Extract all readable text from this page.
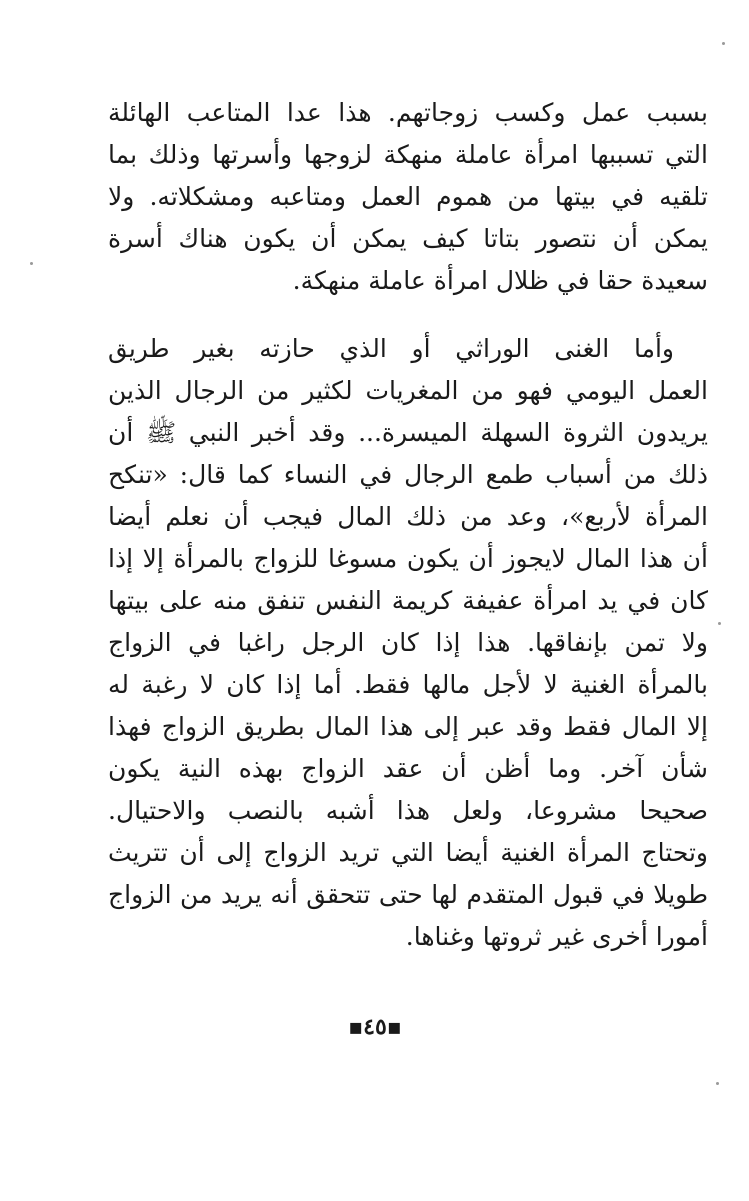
بسبب عمل وكسب زوجاتهم. هذا عدا المتاعب الهائلة
التي تسببها امرأة عاملة منهكة لزوجها وأسرتها وذلك بما
تلقيه في بيتها من هموم العمل ومتاعبه ومشكلاته. ولا
يمكن أن نتصور بتاتا كيف يمكن أن يكون هناك أسرة
سعيدة حقا في ظلال امرأة عاملة منهكة.
وأما الغنى الوراثي أو الذي حازته بغير طريق
العمل اليومي فهو من المغريات لكثير من الرجال الذين
يريدون الثروة السهلة الميسرة... وقد أخبر النبي ﷺ أن
ذلك من أسباب طمع الرجال في النساء كما قال: «تنكح
المرأة لأربع»، وعد من ذلك المال فيجب أن نعلم أيضا
أن هذا المال لايجوز أن يكون مسوغا للزواج بالمرأة إلا إذا
كان في يد امرأة عفيفة كريمة النفس تنفق منه على بيتها
ولا تمن بإنفاقها. هذا إذا كان الرجل راغبا في الزواج
بالمرأة الغنية لا لأجل مالها فقط. أما إذا كان لا رغبة له
إلا المال فقط وقد عبر إلى هذا المال بطريق الزواج فهذا
شأن آخر. وما أظن أن عقد الزواج بهذه النية يكون
صحيحا مشروعا، ولعل هذا أشبه بالنصب والاحتيال.
وتحتاج المرأة الغنية أيضا التي تريد الزواج إلى أن تتريث
طويلا في قبول المتقدم لها حتى تتحقق أنه يريد من الزواج
أمورا أخرى غير ثروتها وغناها.
▪٤٥▪
